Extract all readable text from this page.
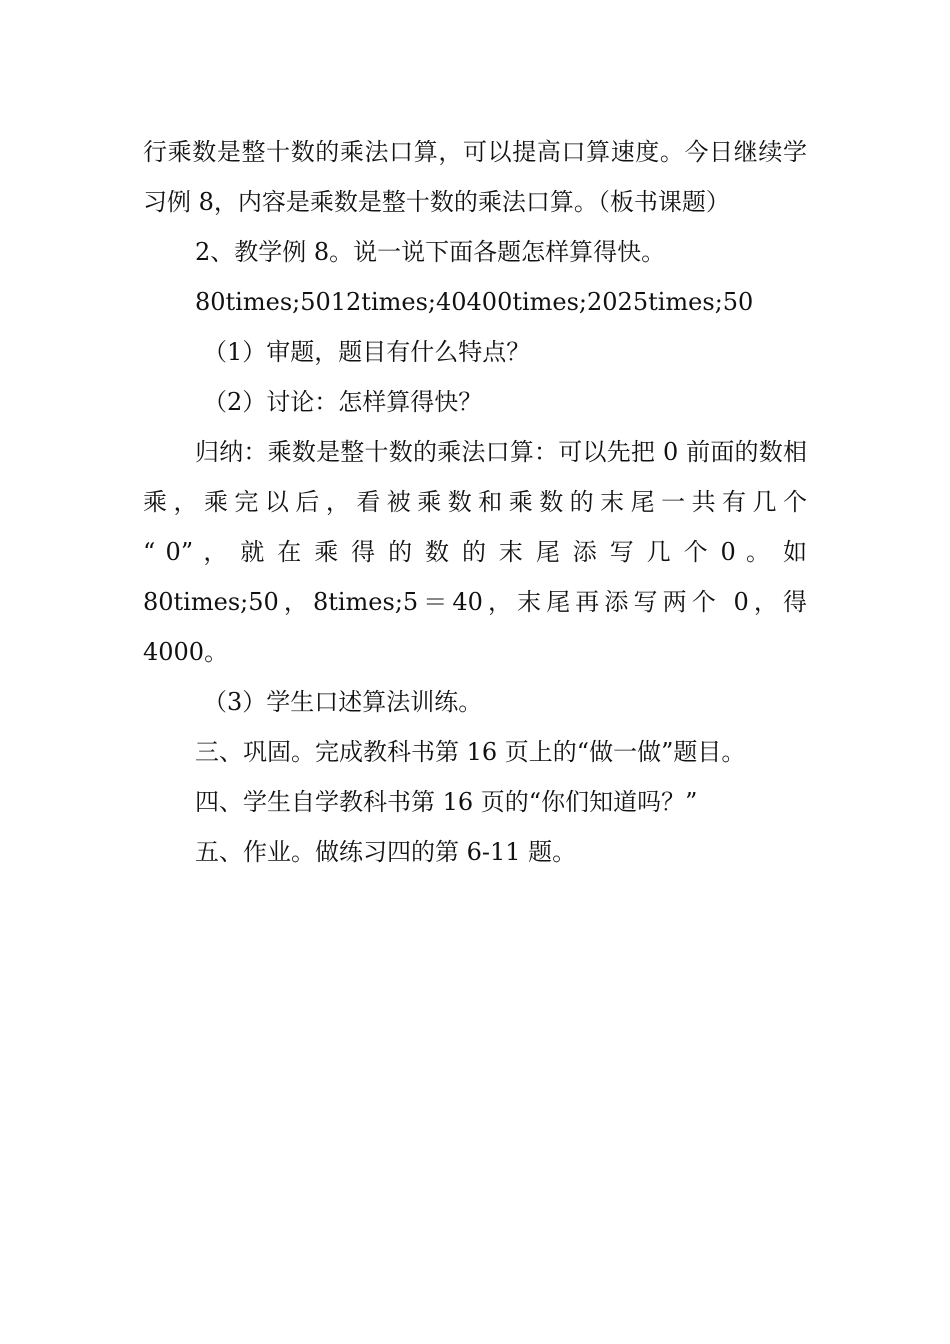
行乘数是整十数的乘法口算，可以提高口算速度。今日继续学习例 8，内容是乘数是整十数的乘法口算。（板书课题）

2、教学例 8。说一说下面各题怎样算得快。

80times;5012times;40400times;2025times;50

（1）审题，题目有什么特点？

（2）讨论：怎样算得快？

归纳：乘数是整十数的乘法口算：可以先把 0 前面的数相乘，乘完以后，看被乘数和乘数的末尾一共有几个

“ 0” ， 就 在 乘 得 的 数 的 末 尾 添 写 几 个 0 。 如

80times;50，8times;5＝40，末尾再添写两个 0，得 4000。

（3）学生口述算法训练。

三、巩固。完成教科书第 16 页上的“做一做”题目。

四、学生自学教科书第 16 页的“你们知道吗？”

五、作业。做练习四的第 6-11 题。
